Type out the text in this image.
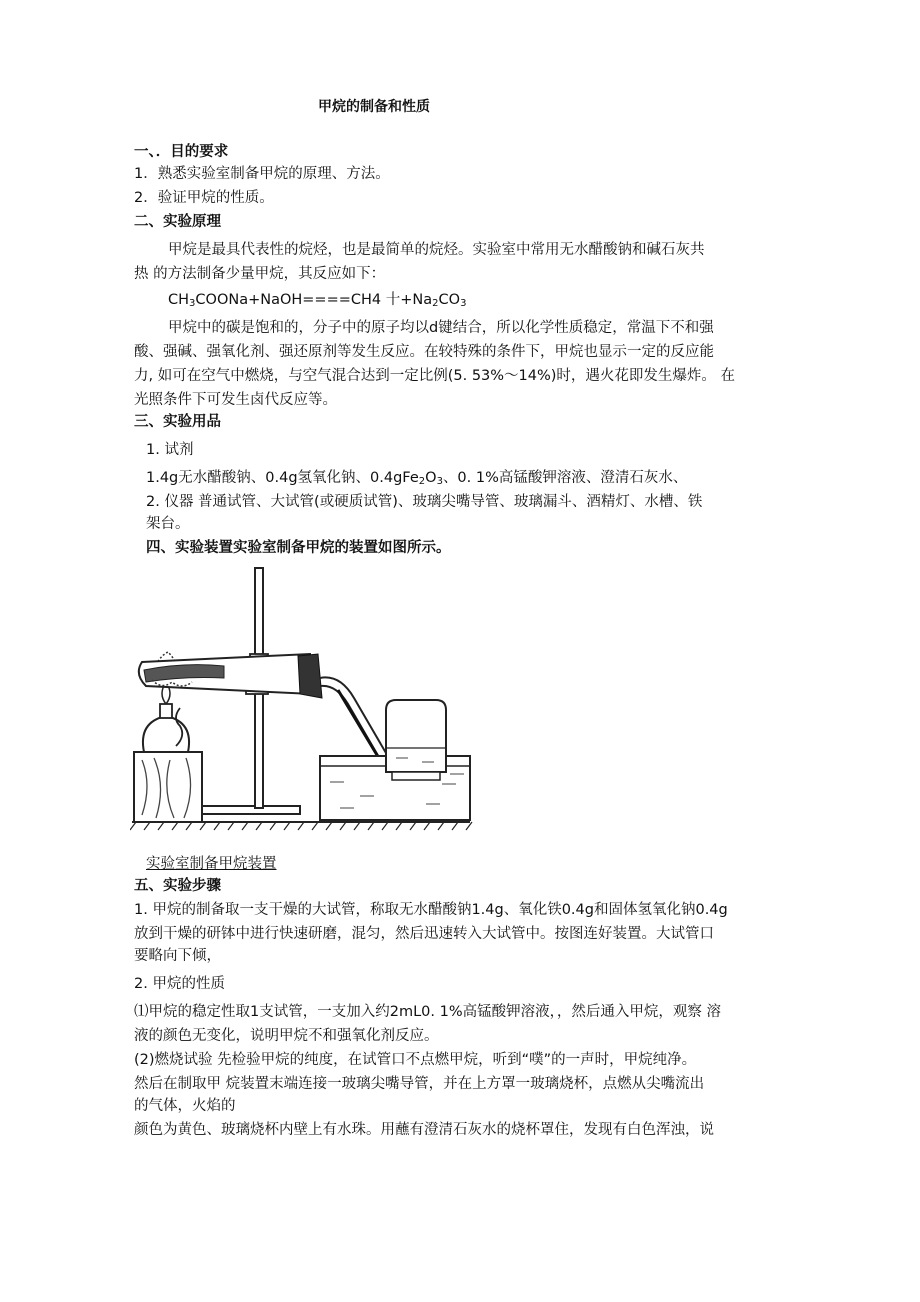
甲烷的制备和性质
一、．目的要求
1．熟悉实验室制备甲烷的原理、方法。
2．验证甲烷的性质。
二、实验原理
甲烷是最具代表性的烷烃，也是最简单的烷烃。实验室中常用无水醋酸钠和碱石灰共
热 的方法制备少量甲烷，其反应如下：
$CH_3COONa+NaOH====CH4$ 十$+Na_2CO_3$
甲烷中的碳是饱和的，分子中的原子均以d键结合，所以化学性质稳定，常温下不和强
酸、强碱、强氧化剂、强还原剂等发生反应。在较特殊的条件下，甲烷也显示一定的反应能
力, 如可在空气中燃烧，与空气混合达到一定比例(5. 53%～14%)时，遇火花即发生爆炸。 在
光照条件下可发生卤代反应等。
三、实验用品
1. 试剂
1.4g无水醋酸钠、0.4g氢氧化钠、$0.4gFe_2O_3$、0. 1%高锰酸钾溶液、澄清石灰水、
2. 仪器 普通试管、大试管(或硬质试管)、玻璃尖嘴导管、玻璃漏斗、酒精灯、水槽、铁
架台。
四、实验装置实验室制备甲烷的装置如图所示。
实验室制备甲烷装置
五、实验步骤
1. 甲烷的制备取一支干燥的大试管，称取无水醋酸钠1.4g、氧化铁0.4g和固体氢氧化钠0.4g
放到干燥的研钵中进行快速研磨，混匀，然后迅速转入大试管中。按图连好装置。大试管口
要略向下倾，
2. 甲烷的性质
⑴甲烷的稳定性取1支试管，一支加入约2mL0. 1%高锰酸钾溶液，，然后通入甲烷，观察 溶
液的颜色无变化，说明甲烷不和强氧化剂反应。
(2)燃烧试验 先检验甲烷的纯度，在试管口不点燃甲烷，听到“噗”的一声时，甲烷纯净。
然后在制取甲 烷装置末端连接一玻璃尖嘴导管，并在上方罩一玻璃烧杯，点燃从尖嘴流出
的气体，火焰的
颜色为黄色、玻璃烧杯内壁上有水珠。用蘸有澄清石灰水的烧杯罩住，发现有白色浑浊，说
